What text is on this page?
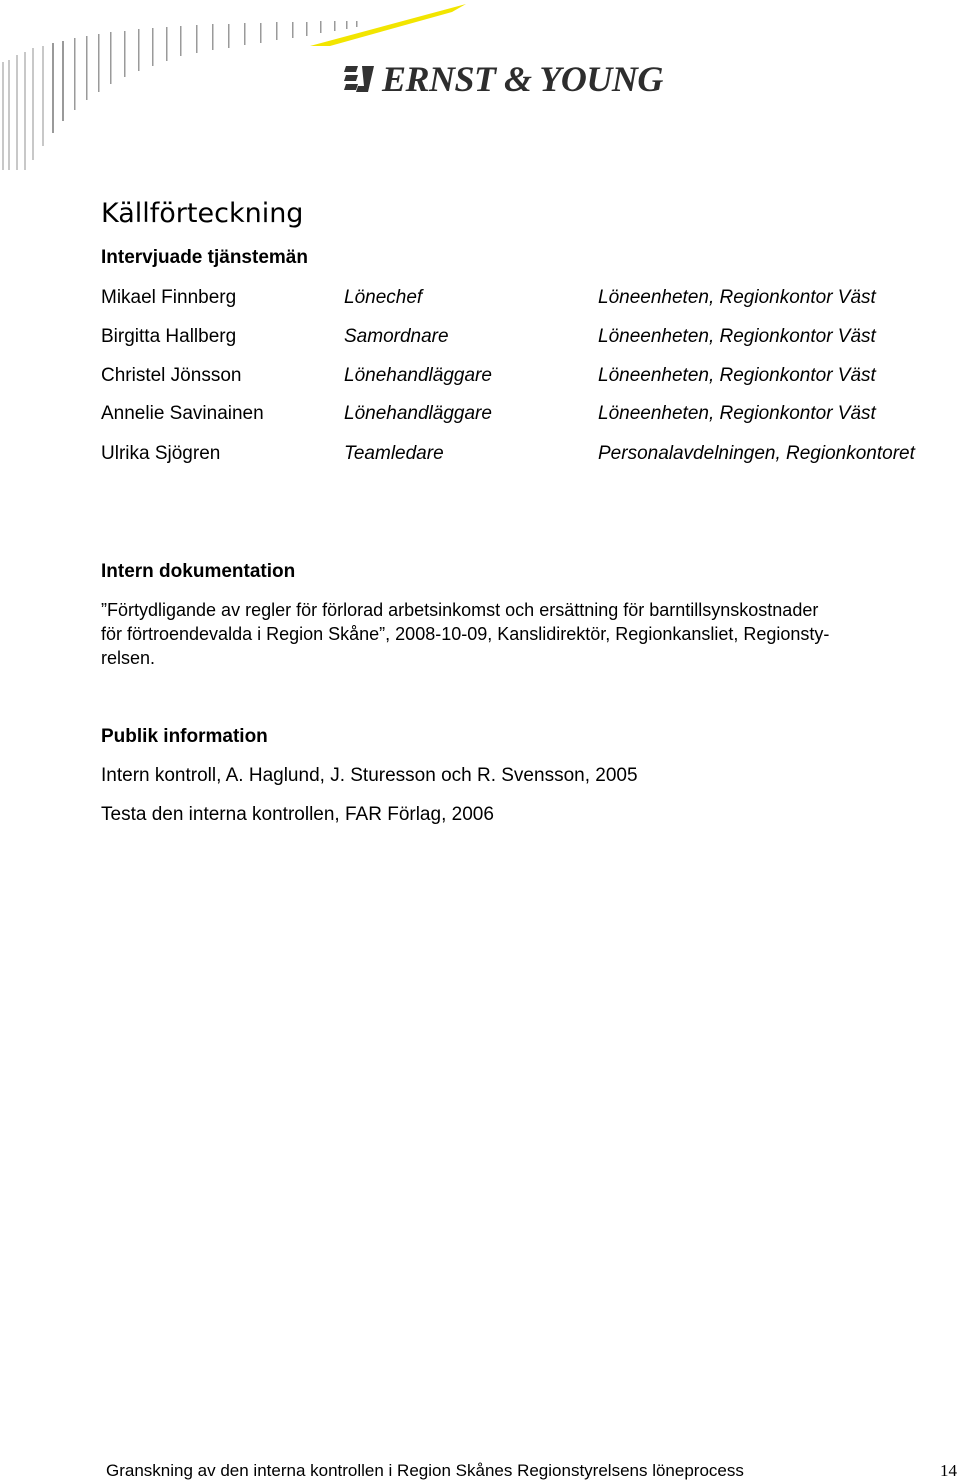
ERNST & YOUNG
Källförteckning
Intervjuade tjänstemän
Mikael Finnberg	Lönechef	Löneenheten, Regionkontor Väst
Birgitta Hallberg	Samordnare	Löneenheten, Regionkontor Väst
Christel Jönsson	Lönehandläggare	Löneenheten, Regionkontor Väst
Annelie Savinainen	Lönehandläggare	Löneenheten, Regionkontor Väst
Ulrika Sjögren	Teamledare	Personalavdelningen, Regionkontoret
Intern dokumentation
”Förtydligande av regler för förlorad arbetsinkomst och ersättning för barntillsynskostnader
för förtroendevalda i Region Skåne”, 2008-10-09, Kanslidirektör, Regionkansliet, Regionsty-
relsen.
Publik information
Intern kontroll, A. Haglund, J. Sturesson och R. Svensson, 2005
Testa den interna kontrollen, FAR Förlag, 2006
Granskning av den interna kontrollen i Region Skånes Regionstyrelsens löneprocess	14
